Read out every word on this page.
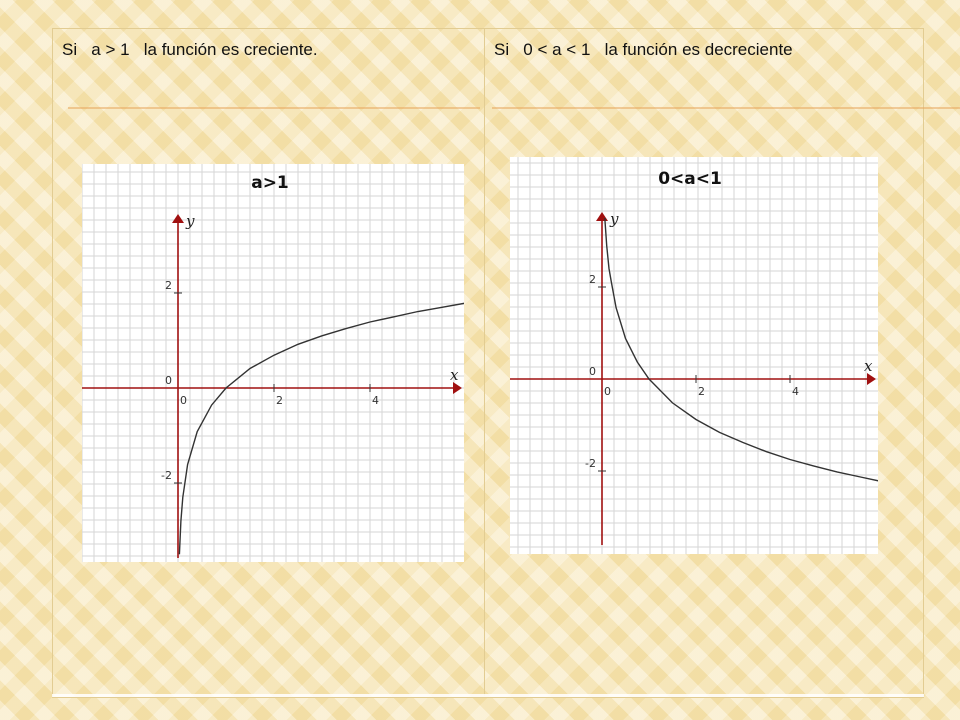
Si   a > 1   la función es creciente.	Si   0 < a < 1   la función es decreciente
a>1
x
y
0	2	4
-2
0
2
0<a<1
x
y
0	2	4
-2
0
2
